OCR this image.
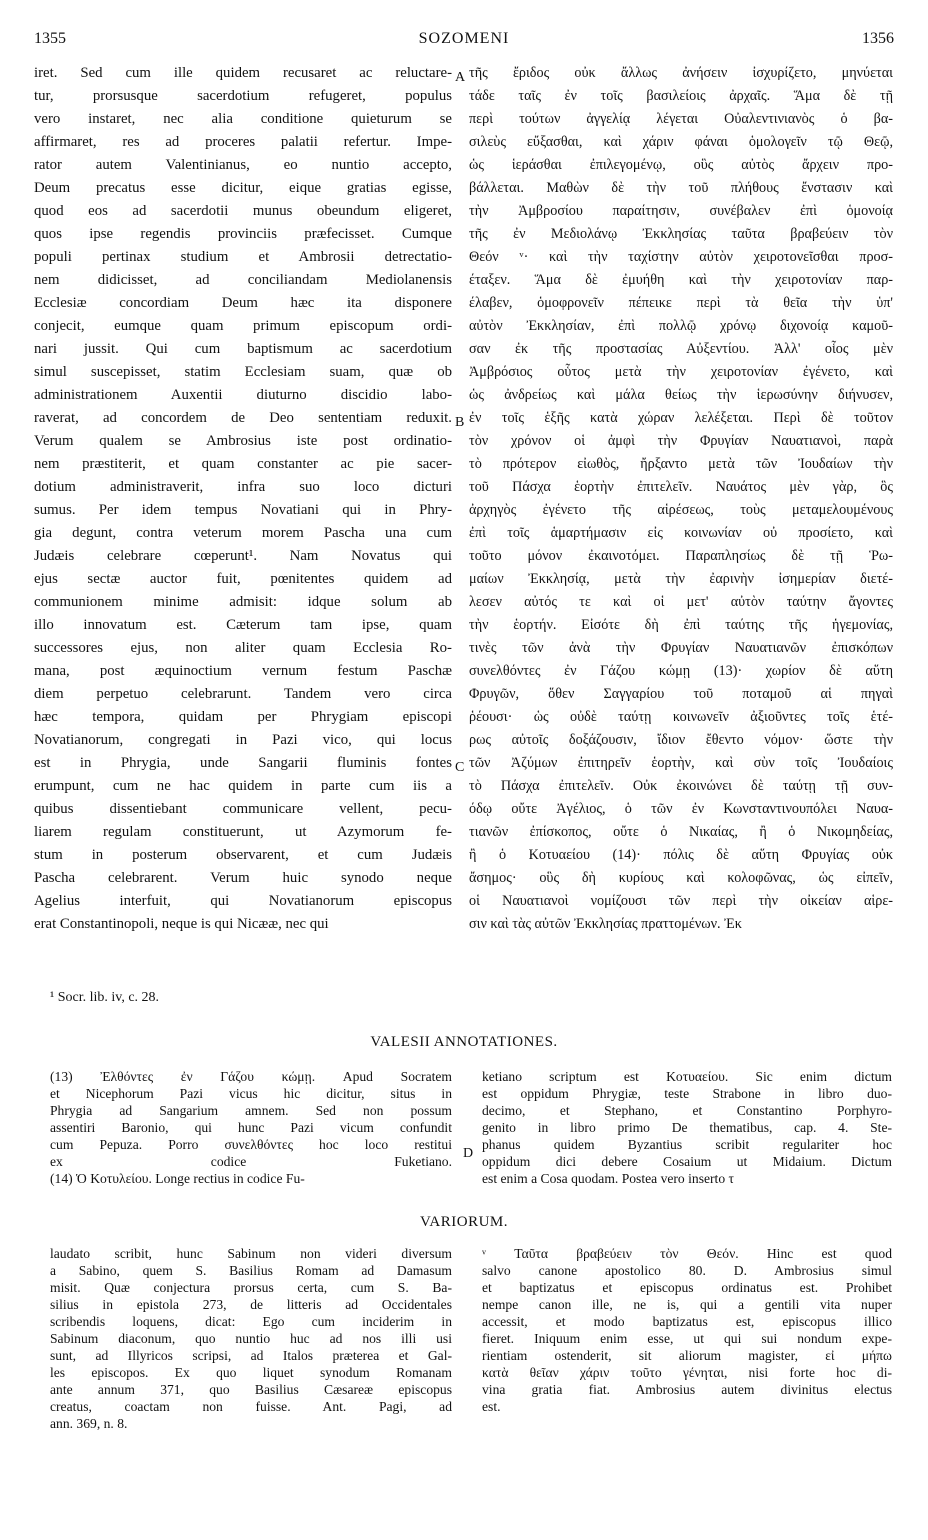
1355	SOZOMENI	1356
iret. Sed cum ille quidem recusaret ac reluctare-
tur, prorsusque sacerdotium refugeret, populus
vero instaret, nec alia conditione quieturum se
affirmaret, res ad proceres palatii refertur. Impe-
rator autem Valentinianus, eo nuntio accepto,
Deum precatus esse dicitur, eique gratias egisse,
quod eos ad sacerdotii munus obeundum eligeret,
quos ipse regendis provinciis præfecisset. Cumque
populi pertinax studium et Ambrosii detrectatio-
nem didicisset, ad conciliandam Mediolanensis
Ecclesiæ concordiam Deum hæc ita disponere
conjecit, eumque quam primum episcopum ordi-
nari jussit. Qui cum baptismum ac sacerdotium
simul suscepisset, statim Ecclesiam suam, quæ ob
administrationem Auxentii diuturno discidio labo-
raverat, ad concordem de Deo sententiam reduxit.
Verum qualem se Ambrosius iste post ordinatio-
nem præstiterit, et quam constanter ac pie sacer-
dotium administraverit, infra suo loco dicturi
sumus. Per idem tempus Novatiani qui in Phry-
gia degunt, contra veterum morem Pascha una cum
Judæis celebrare cœperunt¹. Nam Novatus qui
ejus sectæ auctor fuit, pœnitentes quidem ad
communionem minime admisit: idque solum ab
illo innovatum est. Cæterum tam ipse, quam
successores ejus, non aliter quam Ecclesia Ro-
mana, post æquinoctium vernum festum Paschæ
diem perpetuo celebrarunt. Tandem vero circa
hæc tempora, quidam per Phrygiam episcopi
Novatianorum, congregati in Pazi vico, qui locus
est in Phrygia, unde Sangarii fluminis fontes
erumpunt, cum ne hac quidem in parte cum iis a
quibus dissentiebant communicare vellent, pecu-
liarem regulam constituerunt, ut Azymorum fe-
stum in posterum observarent, et cum Judæis
Pascha celebrarent. Verum huic synodo neque
Agelius interfuit, qui Novatianorum episcopus
erat Constantinopoli, neque is qui Nicææ, nec qui
τῆς ἔριδος οὐκ ἄλλως ἀνήσειν ἰσχυρίζετο, μηνύεται
τάδε ταῖς ἐν τοῖς βασιλείοις ἀρχαῖς. Ἅμα δὲ τῇ
περὶ τούτων ἀγγελίᾳ λέγεται Οὐαλεντινιανὸς ὁ βα-
σιλεὺς εὔξασθαι, καὶ χάριν φάναι ὁμολογεῖν τῷ Θεῷ,
ὡς ἱεράσθαι ἐπιλεγομένῳ, οὓς αὐτὸς ἄρχειν προ-
βάλλεται. Μαθὼν δὲ τὴν τοῦ πλήθους ἔνστασιν καὶ
τὴν Ἀμβροσίου παραίτησιν, συνέβαλεν ἐπὶ ὁμονοίᾳ
τῆς ἐν Μεδιολάνῳ Ἐκκλησίας ταῦτα βραβεύειν τὸν
Θεόν ᵛ· καὶ τὴν ταχίστην αὐτὸν χειροτονεῖσθαι προσ-
έταξεν. Ἅμα δὲ ἐμυήθη καὶ τὴν χειροτονίαν παρ-
έλαβεν, ὁμοφρονεῖν πέπεικε περὶ τὰ θεῖα τὴν ὑπ'
αὐτὸν Ἐκκλησίαν, ἐπὶ πολλῷ χρόνῳ διχονοίᾳ καμοῦ-
σαν ἐκ τῆς προστασίας Αὐξεντίου. Ἀλλ' οἷος μὲν
Ἀμβρόσιος οὗτος μετὰ τὴν χειροτονίαν ἐγένετο, καὶ
ὡς ἀνδρείως καὶ μάλα θείως τὴν ἱερωσύνην διήνυσεν,
ἐν τοῖς ἑξῆς κατὰ χώραν λελέξεται. Περὶ δὲ τοῦτον
τὸν χρόνον οἱ ἀμφὶ τὴν Φρυγίαν Ναυατιανοὶ, παρὰ
τὸ πρότερον εἰωθὸς, ἤρξαντο μετὰ τῶν Ἰουδαίων τὴν
τοῦ Πάσχα ἑορτὴν ἐπιτελεῖν. Ναυάτος μὲν γὰρ, ὃς
ἀρχηγὸς ἐγένετο τῆς αἱρέσεως, τοὺς μεταμελουμένους
ἐπὶ τοῖς ἁμαρτήμασιν εἰς κοινωνίαν οὐ προσίετο, καὶ
τοῦτο μόνον ἐκαινοτόμει. Παραπλησίως δὲ τῇ Ῥω-
μαίων Ἐκκλησίᾳ, μετὰ τὴν ἐαρινὴν ἰσημερίαν διετέ-
λεσεν αὐτός τε καὶ οἱ μετ' αὐτὸν ταύτην ἄγοντες
τὴν ἑορτήν. Εἰσότε δὴ ἐπὶ ταύτης τῆς ἡγεμονίας,
τινὲς τῶν ἀνὰ τὴν Φρυγίαν Ναυατιανῶν ἐπισκόπων
συνελθόντες ἐν Γάζου κώμῃ (13)· χωρίον δὲ αὕτη
Φρυγῶν, ὅθεν Σαγγαρίου τοῦ ποταμοῦ αἱ πηγαὶ
ῥέουσι· ὡς οὐδὲ ταύτῃ κοινωνεῖν ἀξιοῦντες τοῖς ἑτέ-
ρως αὐτοῖς δοξάζουσιν, ἴδιον ἔθεντο νόμον· ὥστε τὴν
τῶν Ἀζύμων ἐπιτηρεῖν ἑορτὴν, καὶ σὺν τοῖς Ἰουδαίοις
τὸ Πάσχα ἐπιτελεῖν. Οὐκ ἐκοινώνει δὲ ταύτῃ τῇ συν-
όδῳ οὔτε Ἀγέλιος, ὁ τῶν ἐν Κωνσταντινουπόλει Ναυα-
τιανῶν ἐπίσκοπος, οὔτε ὁ Νικαίας, ἢ ὁ Νικομηδείας,
ἢ ὁ Κοτυαείου (14)· πόλις δὲ αὕτη Φρυγίας οὐκ
ἄσημος· οὓς δὴ κυρίους καὶ κολοφῶνας, ὡς εἰπεῖν,
οἱ Ναυατιανοὶ νομίζουσι τῶν περὶ τὴν οἰκείαν αἱρε-
σιν καὶ τὰς αὐτῶν Ἐκκλησίας πραττομένων. Ἐκ
A
B
C
D
¹ Socr. lib. iv, c. 28.
VALESII ANNOTATIONES.
(13) Ἐλθόντες ἐν Γάζου κώμῃ. Apud Socratem
et Nicephorum Pazi vicus hic dicitur, situs in
Phrygia ad Sangarium amnem. Sed non possum
assentiri Baronio, qui hunc Pazi vicum confundit
cum Pepuza. Porro συνελθόντες hoc loco restitui
ex codice Fuketiano.
(14) Ὁ Κοτυλείου. Longe rectius in codice Fu-
ketiano scriptum est Κοτυαείου. Sic enim dictum
est oppidum Phrygiæ, teste Strabone in libro duo-
decimo, et Stephano, et Constantino Porphyro-
genito in libro primo De thematibus, cap. 4. Ste-
phanus quidem Byzantius scribit regulariter hoc
oppidum dici debere Cosaium ut Midaium. Dictum
est enim a Cosa quodam. Postea vero inserto τ
VARIORUM.
laudato scribit, hunc Sabinum non videri diversum
a Sabino, quem S. Basilius Romam ad Damasum
misit. Quæ conjectura prorsus certa, cum S. Ba-
silius in epistola 273, de litteris ad Occidentales
scribendis loquens, dicat: Ego cum inciderim in
Sabinum diaconum, quo nuntio huc ad nos illi usi
sunt, ad Illyricos scripsi, ad Italos præterea et Gal-
les episcopos. Ex quo liquet synodum Romanam
ante annum 371, quo Basilius Cæsareæ episcopus
creatus, coactam non fuisse. Ant. Pagi, ad
ann. 369, n. 8.
ᵛ Ταῦτα βραβεύειν τὸν Θεόν. Hinc est quod
salvo canone apostolico 80. D. Ambrosius simul
et baptizatus et episcopus ordinatus est. Prohibet
nempe canon ille, ne is, qui a gentili vita nuper
accessit, et modo baptizatus est, episcopus illico
fieret. Iniquum enim esse, ut qui sui nondum expe-
rientiam ostenderit, sit aliorum magister, εἰ μήπω
κατὰ θεῖαν χάριν τοῦτο γένηται, nisi forte hoc di-
vina gratia fiat. Ambrosius autem divinitus electus
est.
